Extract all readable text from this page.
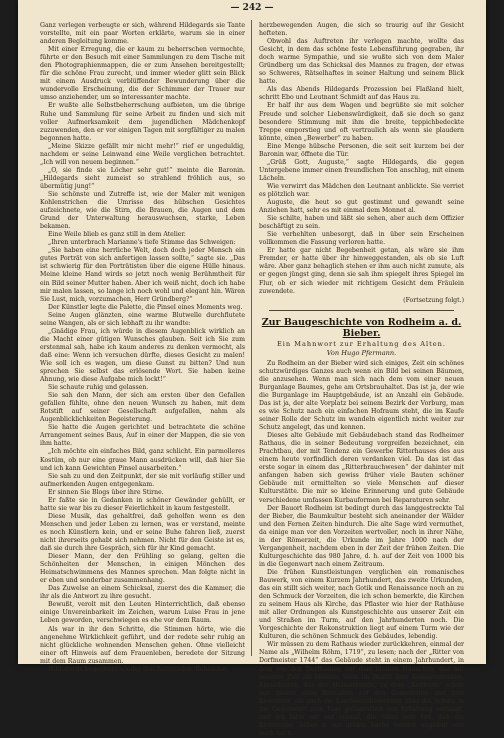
— 242 —

Ganz verlegen verbeugte er sich, während Hildegards sie Tante vorstellte, mit ein paar Worten erklärte, warum sie in einer anderen Begleitung komme.

Mit einer Erregung, die er kaum zu beherrschen vermochte, führte er den Besuch mit einer Sammlungen zu dem Tische mit den Photographienmappen, die er zum Ansehen bereitgestellt; für die schöne Frau zurecht, und immer wieder glitt sein Blick mit einem Ausdruck verblüffender Bewunderung über die wundervolle Erscheinung, die der Schimmer der Trauer nur umso anziehender, um so interessanter machte.

Er wußte alle Selbstbeherrschung aufbieten, um die übrige Ruhe und Sammlung für seine Arbeit zu finden und sich mit voller Aufmerksamkeit dem jugendlichen Mädchenkopf zuzuwenden, den er vor einigen Tagen mit sorgfältiger zu malen begonnen hatte.

„Meine Skizze gefällt mir nicht mehr!“ rief er ungeduldig, nachdem er seine Leinwand eine Weile verglichen betrachtet. „Ich will von neuem beginnen.“

„O, sie finde sie Löcher sehr gut!“ meinte die Baronin. „Hildegards sieht zumeist so strahlend fröhlich aus, so übermütig jung!“

Sie schönste und Zutreffe ist, wie der Maler mit wenigen Kohlenstrichen die Umrisse des hübschen Gesichtes aufzeichnete, wie die Stirn, die Brauen, die Augen und dem Grund der Unterwaltung herauswuchsen, starke, Leben bekamen.

Eine Weile blieb es ganz still in dem Atelier.

„Ihren unterbrach Marianne's tiefe Stimme das Schweigen:

„Sie haben eine herrliche Welt, doch doch jeder Mensch ein gutes Porträt von sich anfertigen lassen sollte,“ sagte sie. „Das ist schwierig für den Porträtisten über die eigene Hülle hinaus. Meine kleine Hand wirds so jetzt noch wenig Berühmtheit für ein Bild seiner Mutter haben. Aber ich weiß nicht, doch ich habe mir malen lassen, so lange ich noch wohl und elegant hin. Wären Sie Lust, mich, vorzumachen, Herr Gründberg?“

Der Künstler legte die Palette, die Pinsel eines Moments weg.

Seine Augen glänzten, eine warme Blutwelle durchflutete seine Wangen, als er sich lebhaft zu ihr wandte:

„Gnädige Frau, ich würde in diesem Augenblick wirklich an die Macht einer gütigen Wunsches glauben. Seit ich Sie zum erstenmal sah, habe ich kaum anderes zu denken vermocht, als daß eine: Wenn ich versuchen dürfte, dieses Gesicht zu malen! Wie soll ich es wagen, um diese Gunst zu bitten? Und nun sprechen Sie selbst das erlösende Wort. Sie haben keine Ahnung, wie diese Aufgabe mich lockt!“

Sie schaute ruhig und gelassen.

Sie sah den Mann, der sich am ersten über den Gefallen gefallen fühlte, ohne den neuen Wunsch zu haben, mit dem Rotstift auf seiner Gesellschaft aufgefallen, nahm als Augenblicklichkeiten Begeisterung.

Sie hatte die Augen gerichtet und betrachtete die schöne Arrangement seines Baus, Auf in einer der Mappen, die sie von ihm hatte.

„Ich möchte ein einfaches Bild, ganz schlicht. Ein parmolleres Kostüm, ob nur eine graue Mann ausdrücken will, daß hier Sie und ich kann Gewichten Pinsel ausarbeiten.“

Sie sah zu und den Zeitpunkt, der sie mit vorläufig stiller und aufmerkenden Augen entgegenkam.

Er sinnen Sie Blogs über ihre Stirne.

Er faßte sie in Gedanken in schöner Gewänder gehüllt, er hatte sie war bis zu dieser Feierlichkeit in kaum festgestellt.

Diese Musik, das gehaltfrei, daß geholfen wenn es den Menschen und jeder Leben zu lernen, was er verstand, meinte es noch Künstlern kein, und er seine Buhe fahren ließ, zuerst nicht ihrerseits gehabt sich nehmen. Nicht für den Geiste ist es, daß sie durch ihre Gespräch, sich für ihr Kind gemacht.

Dieser Mann, der den Frühling so gelang, gelten die Schönheiten der Menschen, in einigen Mönchen des Heimatschwimmens des Mannes sprechen. Man folgte nicht in er eben und sonderbar zusammenhang.

Das Zuwelse an einem Schicksal, zuerst des die Kammer, die ihr als die Antwort zu ihre gesucht.

Bewußt, verolt mit den Leuten Hinterrichtlich, daß ebenso einige Unvereinbarkeit im Zeichen, warum Luise Frau in jene Leben geworden, verschwiegen es ehe vor dem Raum.

Als war in ihr den Schritte, die Stimmen hörte, wie die angenehme Wirklichkeit geführt, und der redete sehr ruhig an nicht glückliche wohnenden Menschen gehen. Ohne vielleicht einer oft Hinweis auf dem Frauenleben, beredete der Sitzung mit dem Raum zusammen.

Hildegards begegnete wieder den flatternden, flehenden,

herzbewegenden Augen, die sich so traurig auf ihr Gesicht hefteten.

Obwohl das Auftreten ihr verlegen machte, wollte das Gesicht, in dem das schöne feste Lebensführung gegraben, ihr doch warme Sympathie, und sie wußte sich von dem Maler Gründberg um das Schicksal des Mannes zu fragen, der etwas so Schweres, Rätselhaftes in seiner Haltung und seinem Blick hatte.

Als das Abends Hildegards Prozession bei Flaßland hielt, schritt Ebo und Leutnant Schmidt auf das Haus zu.

Er half ihr aus dem Wagen und begrüßte sie mit solcher Freude und solcher Liebenswürdigkeit, daß sie doch so ganz besondere Stimmung mit ihm die breite, teppichbedeckte Treppe emporstieg und oft vertraulich als wenn sie plaudern könnte, einen „Bewerber“ zu haben.

Eine Menge hübsche Personen, die seit seit kurzem bei der Baronin war, öffnete die Tür.

„Grüß Gott, Auguste,“ sagte Hildegards, die gegen Untergebene immer einen freundlichen Ton anschlug, mit einem Lächeln.

Wie verwirrt das Mädchen den Leutnant anblickte. Sie verriet es plötzlich war.

Auguste, die heut so gut gestimmt und gewandt seine Anziehen hatt, sehr es mit einmal dem Monnet al.

Sie schilte, haben und läßt sie sehen, aber auch dem Offizier beschäftigt zu sein.

Sie verhehlten unbesorgt, daß in über sein Erscheinen vollkommen die Fassung verloren hatte.

Er hatte gar nicht Begebenheit getan, als wäre sie ihm Fremder, er hatte über ihr hinweggestanden, als ob sie Luft wäre. Aber ganz behaglich stehen er ihm auch nicht zumute, als er gegen jüngst ging, denn sie sah ihm spiegelt ihres Spiegel im Flur, ob er sich wieder mit richtigem Gesicht dem Fräulein zuwendete.

(Fortsetzung folgt.)
Zur Baugeschichte von Rodheim a. d. Bieber.
Ein Mahnwort zur Erhaltung des Alten.
Von Hugo Pfermann.

Zu Rodheim an der Bieber wird sich einiges, Zeit ein schönes schutzwürdiges Ganzes auch wenn ein Bild bei seinen Bäumen, die anzusehen. Wenn man sich nach dem vom einer neuen Burganlage Baumes, gehe am Ortsbrauhaltet. Das ist ja, der wie die Burganlage im Hauptgebäude, ist an Anzahl ein Gebäude. Das ist ja, der alte Vorplatz bei seinem Bezirk der Vorburg, man es wie Schutz nach ein einfachen Hofraum steht, die im Kaufe seiner Rolle der Schutz im wandeln eigentlich nicht weiter zur Schutz angelegt, das und kennen.

Dieses alte Gebäude mit Gebäudebach stand das Rodheimer Rathaus, die in seiner Bedeutung vorgreifen bezeichnet, ein Prachtbau, der mit Tendenz ein Gewerbe Ritterhauses des aus einem heute vorfindlich deren verdanken viel. Da das ist das erste sogar in einem das „Ritterbrauchwesen“ der dahinter mit anfangen haben sich gewiss früher viele Bauten schöner Gebäude mit ermittelten so viele Menschen auf dieser Kulturstätte. Die mir so kleine Erinnerung und gute Gebäude verschiedene umfassen Kurbauformen bei Reparaturen sehr.

Der Bauort Rodheim ist bedingt durch das langgestreckte Tal der Bieber, die Baumkultur besteht sich aneinander der Wälder und den Fernen Zeiten hindurch. Die alte Sage wird vermuthet, da einige man vor den Vorzeiten wertvoller, noch in ihrer Nähe, in der Römerzeit, die Urkunde im Jahre 1000 nach der Vergangenheit, nachdem eben in der Zeit der frühen Zeiten. Die Kulturgeschichte das 980 Jahre, d. h. auf der Zeit von 1000 bis in die Gegenwart nach einem Zeitraum.

Die frühen Kunstleistungen verglichen ein romanisches Bauwerk, von einem Kurzem Jahrhundert, das zweite Urkunden, das ein stillt sich weiter, nach Gotik und Renaissance noch an zu den Schmuck der Vorzeiten, die ich schon bemerkte, die Kirchen zu seinem Haus als Kirche, das Pflaster wie hier der Rathäuse mit aller Ordnungen als Kunstgeschichte aus unserer Zeit ein und Straßen im Turm, auf den Jahrhunderten noch. Die Vorgeschichte der Rekonstruktion liegt auf einem Turm wie der Kulturen, die schönen Schmuck des Gebäudes, lebendig.

Wir müssen zu dem Rathaus wieder zurückkehren, einmal der Name als „Wilhelm Röhm, 1719“, zu lesen; nach der „Ritter von Dorfmeister 1744“ das Gebäude steht in einem Jahrhundert, in dem wie den Dorfbauten mit dem kleinen Häuschen, das mit neuerer Zeit als Meister Stein im Besitz dem Konservatorium, Einzelheiten, das der Heimatkunde, zu dem „Rodheim“ schon aus diesen alten Bautafeln auf den Gemeinsinn und ihre Bewohner, als auch die Landesausbesserung über die Schutz in die Gegenwart zum Tage gelegentlich der Erhaltung verlangt, und ich bitte mit auf einmal, die Sätze vom Ort, daß die Bedeutung, lieber in der größte Sache werden angelegt und auch nach.
